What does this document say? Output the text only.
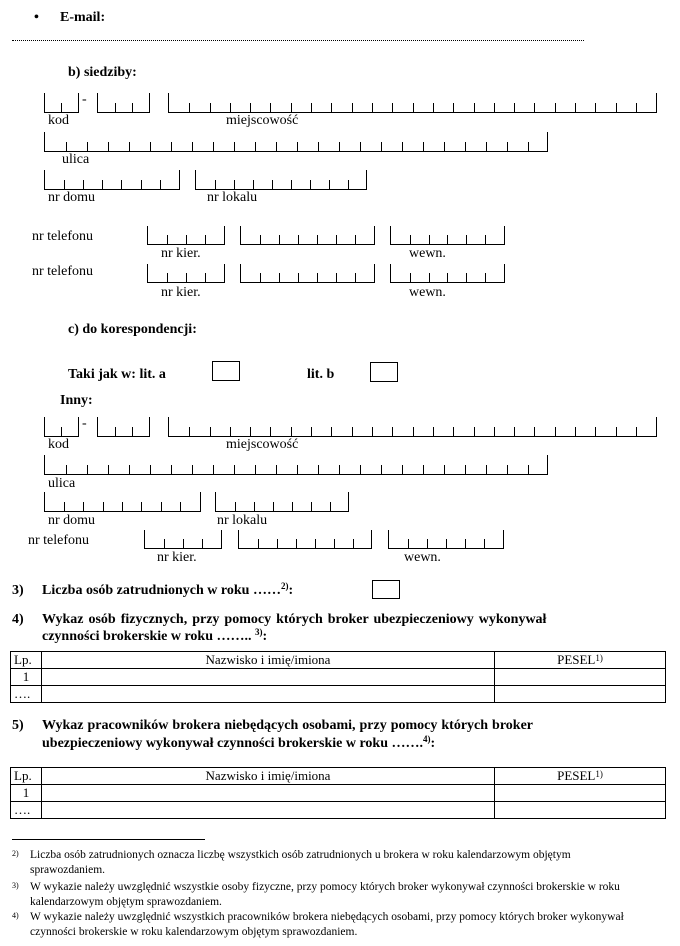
• E-mail:
b) siedziby:
-
kod	miejscowość
ulica
nr domu	nr lokalu
nr telefonu
nr kier.	wewn.
nr telefonu
nr kier.	wewn.
c) do korespondencji:
Taki jak w: lit. a	lit. b
Inny:
-
kod	miejscowość
ulica
nr domu	nr lokalu
nr telefonu
nr kier.	wewn.
3) Liczba osób zatrudnionych w roku ……$^{2)}$:
4) Wykaz osób fizycznych, przy pomocy których broker ubezpieczeniowy wykonywał
czynności brokerskie w roku …….. $^{3)}$:
Lp.	Nazwisko i imię/imiona	PESEL$^{1)}$
1		
….		
5) Wykaz pracowników brokera niebędących osobami, przy pomocy których broker
ubezpieczeniowy wykonywał czynności brokerskie w roku …….$^{4)}$:
Lp.	Nazwisko i imię/imiona	PESEL$^{1)}$
1		
….		
2) Liczba osób zatrudnionych oznacza liczbę wszystkich osób zatrudnionych u brokera w roku kalendarzowym objętym sprawozdaniem.
3) W wykazie należy uwzględnić wszystkie osoby fizyczne, przy pomocy których broker wykonywał czynności brokerskie w roku kalendarzowym objętym sprawozdaniem.
4) W wykazie należy uwzględnić wszystkich pracowników brokera niebędących osobami, przy pomocy których broker wykonywał czynności brokerskie w roku kalendarzowym objętym sprawozdaniem.
